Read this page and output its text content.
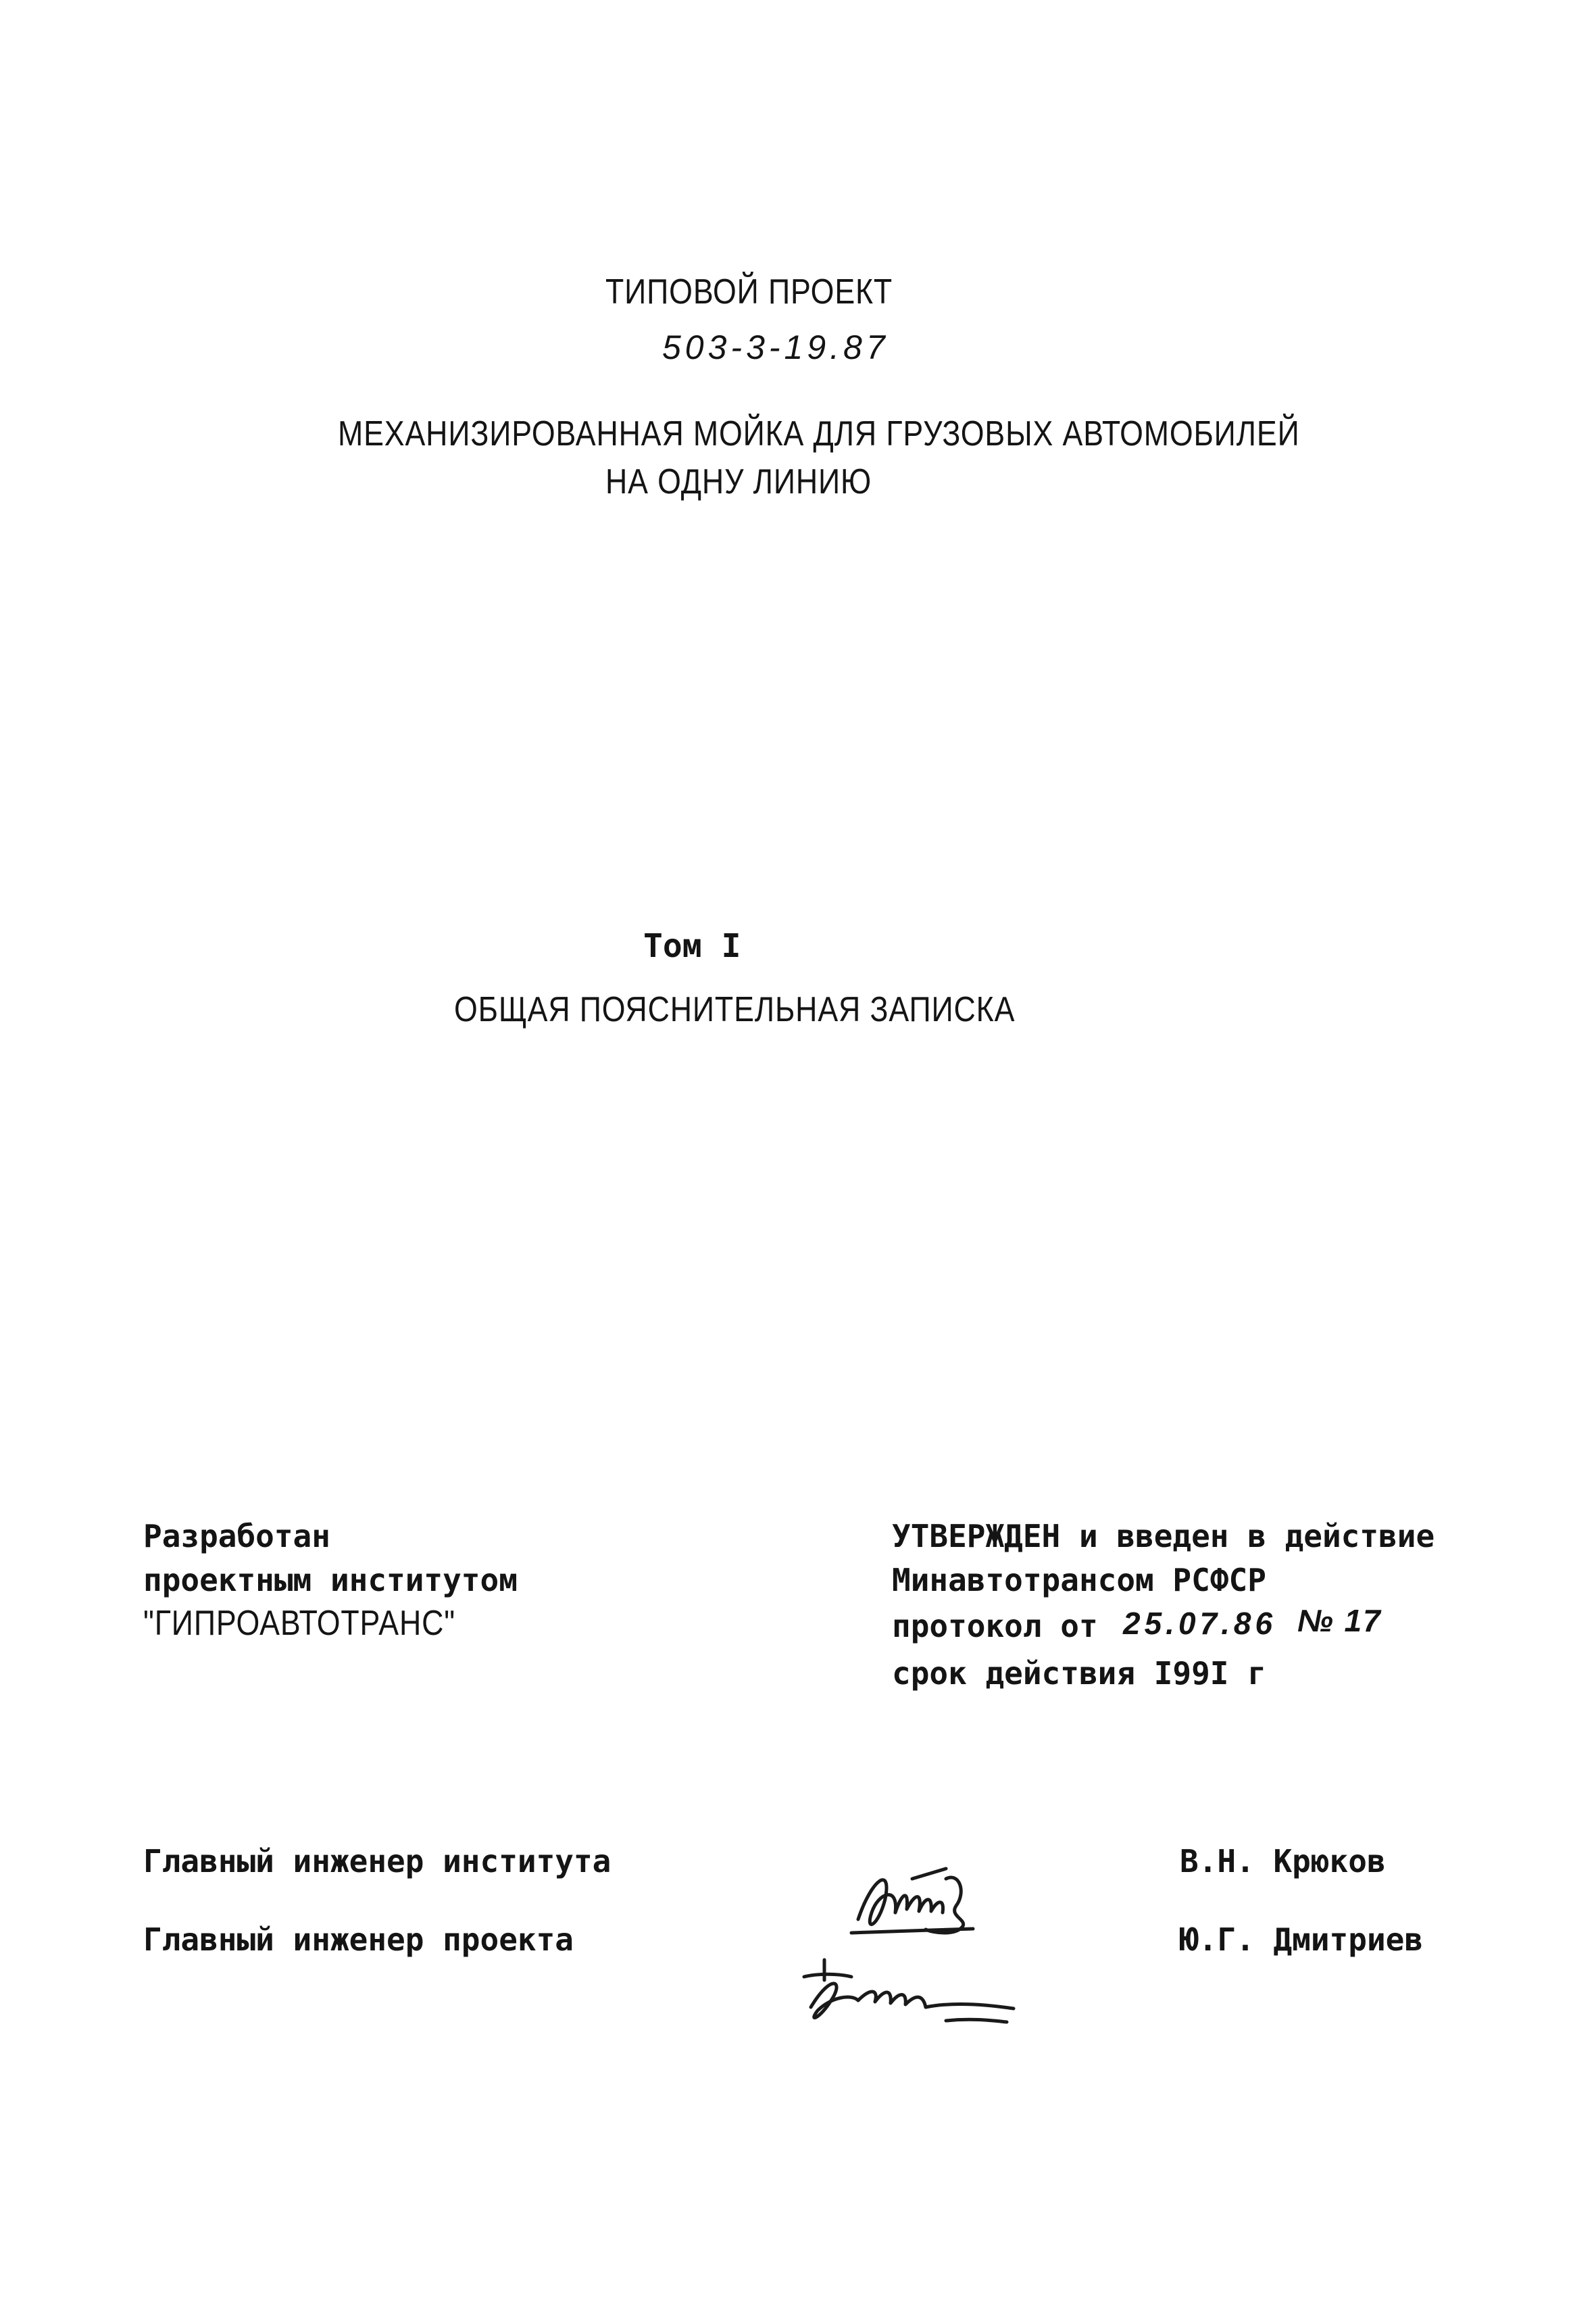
ТИПОВОЙ ПРОЕКТ
503-3-19.87
МЕХАНИЗИРОВАННАЯ МОЙКА ДЛЯ ГРУЗОВЫХ АВТОМОБИЛЕЙ
НА ОДНУ ЛИНИЮ
Том I
ОБЩАЯ ПОЯСНИТЕЛЬНАЯ ЗАПИСКА
Разработан
проектным институтом
"ГИПРОАВТОТРАНС"
УТВЕРЖДЕН и введен в действие
Минавтотрансом РСФСР
протокол от 25.07.86 № 17
срок действия I99I г
Главный инженер института	В.Н. Крюков
Главный инженер проекта	Ю.Г. Дмитриев
